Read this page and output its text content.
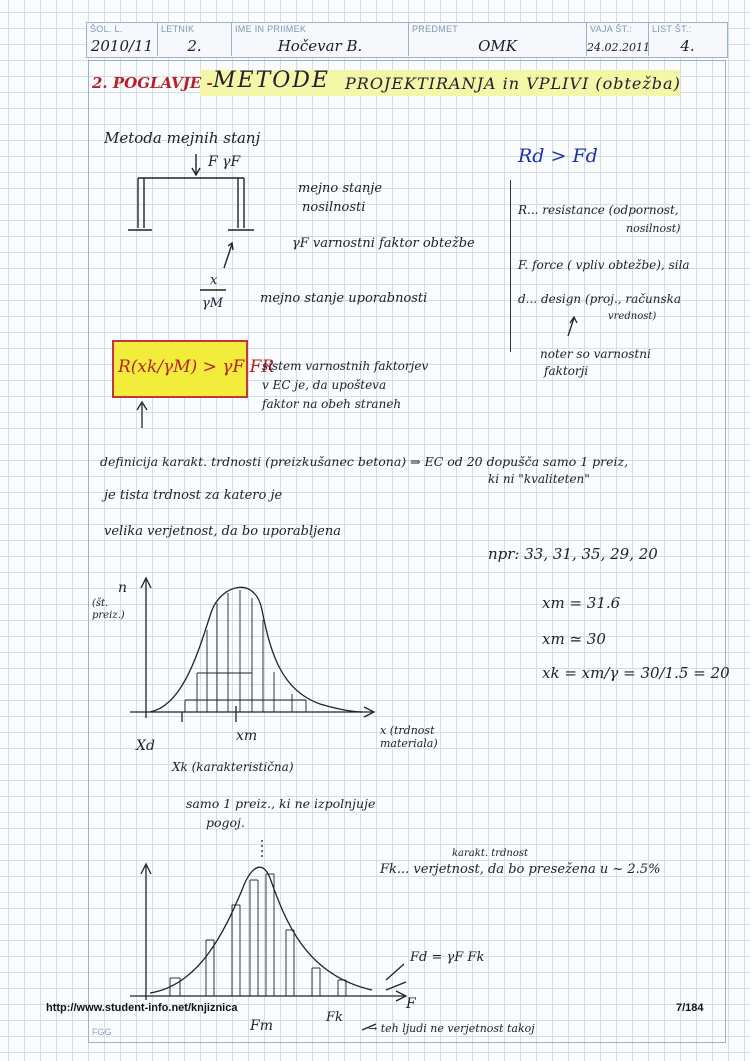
ŠOL. L.
2010/11
LETNIK
2.
IME IN PRIIMEK
Hočevar B.
PREDMET
OMK
VAJA ŠT.:
24.02.2011
LIST ŠT.:
4.
2. POGLAVJE - METODE PROJEKTIRANJA in VPLIVI (obtežba)
Metoda mejnih stanj
F γF
mejno stanje
nosilnosti
γF varnostni faktor obtežbe
x
γM	mejno stanje uporabnosti
Rd > Fd
R... resistance (odpornost,
nosilnost)
F. force ( vpliv obtežbe), sila
d... design (proj., računska
vrednost)
noter so varnostni
faktorji
R(xk/γM) > γF FR
sistem varnostnih faktorjev
v EC je, da upošteva
faktor na obeh straneh
definicija karakt. trdnosti (preizkušanec betona) ⇒ EC od 20 dopušča samo 1 preiz,
ki ni "kvaliteten"
je tista trdnost za katero je
velika verjetnost, da bo uporabljena
npr: 33, 31, 35, 29, 20
xm = 31.6
xm ≃ 30
xk = xm/γ = 30/1.5 = 20
n
(št.
preiz.)
x (trdnost
materiala)
Xd
xm
Xk (karakteristična)
samo 1 preiz., ki ne izpolnjuje
pogoj.
karakt. trdnost
Fk... verjetnost, da bo presežena u ~ 2.5%
Fd = γF Fk
F
Fm
Fk
→ teh ljudi ne verjetnost takoj
http://www.student-info.net/knjiznica	7/184
FGG
